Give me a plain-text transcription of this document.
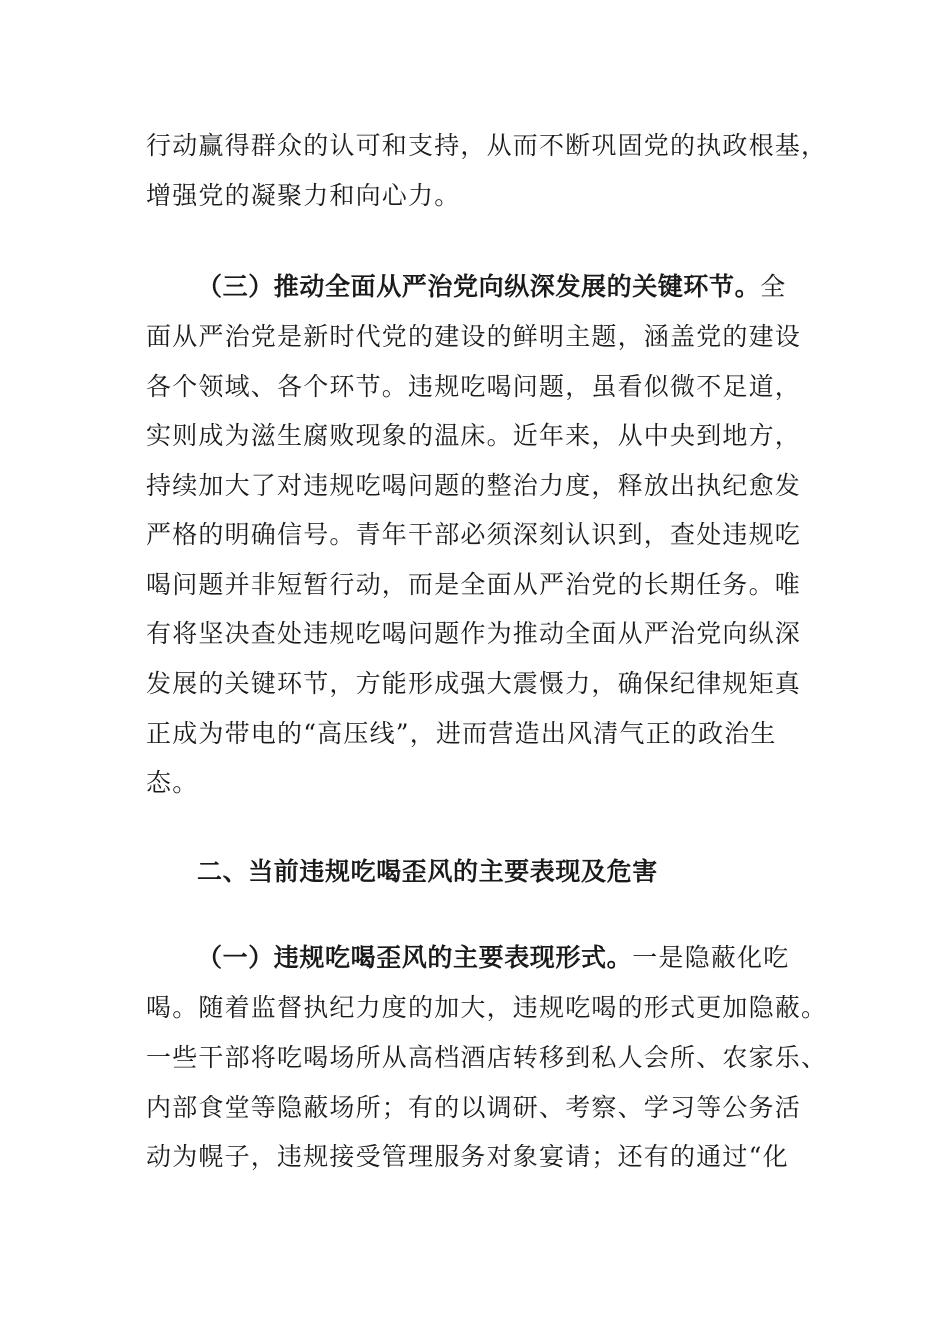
行动赢得群众的认可和支持，从而不断巩固党的执政根基，
增强党的凝聚力和向心力。
（三）推动全面从严治党向纵深发展的关键环节。全
面从严治党是新时代党的建设的鲜明主题，涵盖党的建设
各个领域、各个环节。违规吃喝问题，虽看似微不足道，
实则成为滋生腐败现象的温床。近年来，从中央到地方，
持续加大了对违规吃喝问题的整治力度，释放出执纪愈发
严格的明确信号。青年干部必须深刻认识到，查处违规吃
喝问题并非短暂行动，而是全面从严治党的长期任务。唯
有将坚决查处违规吃喝问题作为推动全面从严治党向纵深
发展的关键环节，方能形成强大震慑力，确保纪律规矩真
正成为带电的“高压线”，进而营造出风清气正的政治生
态。
二、当前违规吃喝歪风的主要表现及危害
（一）违规吃喝歪风的主要表现形式。一是隐蔽化吃
喝。随着监督执纪力度的加大，违规吃喝的形式更加隐蔽。
一些干部将吃喝场所从高档酒店转移到私人会所、农家乐、
内部食堂等隐蔽场所；有的以调研、考察、学习等公务活
动为幌子，违规接受管理服务对象宴请；还有的通过“化
